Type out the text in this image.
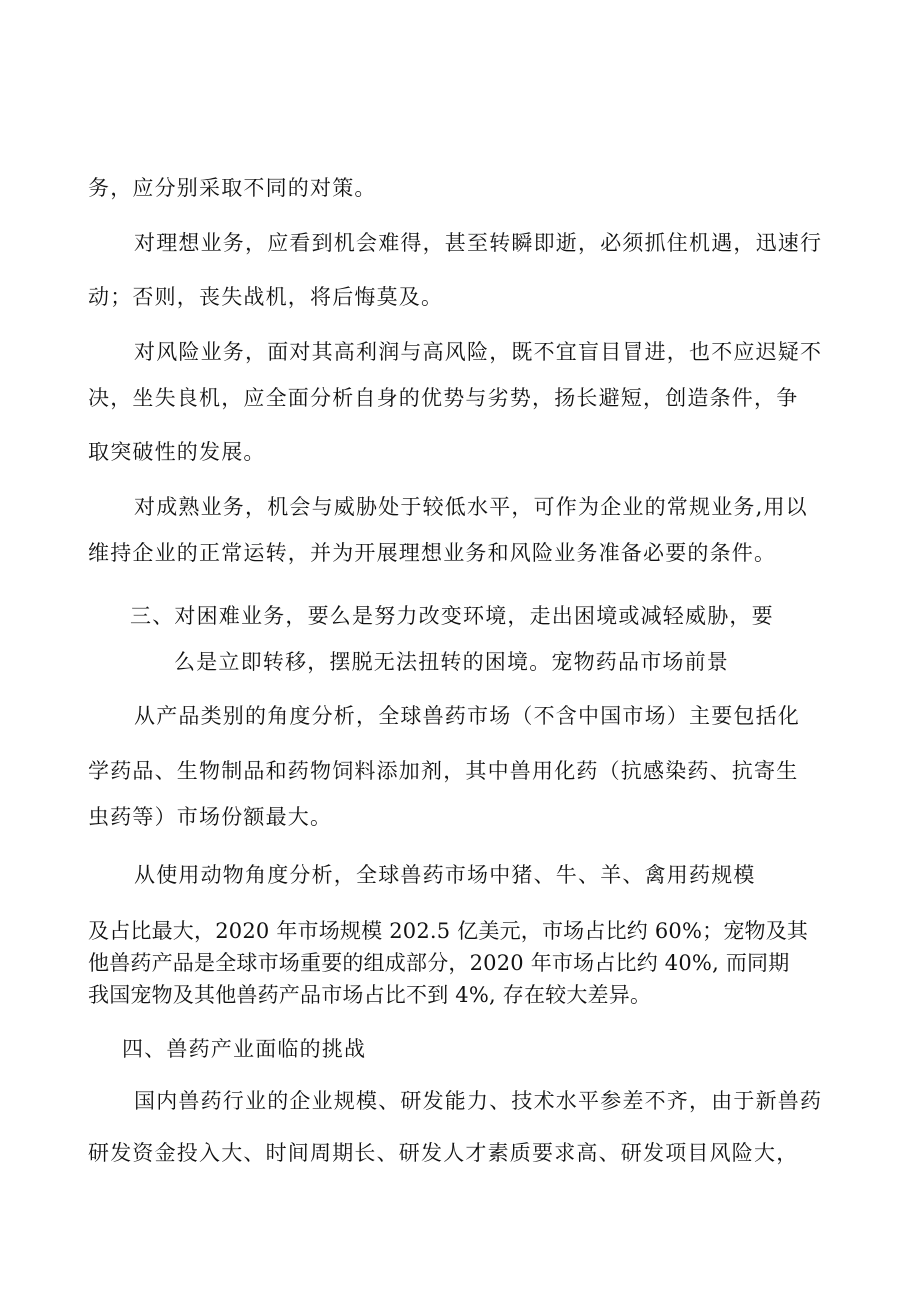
务，应分别采取不同的对策。
对理想业务，应看到机会难得，甚至转瞬即逝，必须抓住机遇，迅速行
动；否则，丧失战机，将后悔莫及。
对风险业务，面对其高利润与高风险，既不宜盲目冒进，也不应迟疑不
决，坐失良机，应全面分析自身的优势与劣势，扬长避短，创造条件，争
取突破性的发展。
对成熟业务，机会与威胁处于较低水平，可作为企业的常规业务,用以
维持企业的正常运转，并为开展理想业务和风险业务准备必要的条件。
三、对困难业务，要么是努力改变环境，走出困境或减轻威胁，要
么是立即转移，摆脱无法扭转的困境。宠物药品市场前景
从产品类别的角度分析，全球兽药市场（不含中国市场）主要包括化
学药品、生物制品和药物饲料添加剂，其中兽用化药（抗感染药、抗寄生
虫药等）市场份额最大。
从使用动物角度分析，全球兽药市场中猪、牛、羊、禽用药规模
及占比最大，2020 年市场规模 202.5 亿美元，市场占比约 60%；宠物及其
他兽药产品是全球市场重要的组成部分，2020 年市场占比约 40%, 而同期
我国宠物及其他兽药产品市场占比不到 4%, 存在较大差异。
四、兽药产业面临的挑战
国内兽药行业的企业规模、研发能力、技术水平参差不齐，由于新兽药
研发资金投入大、时间周期长、研发人才素质要求高、研发项目风险大，
